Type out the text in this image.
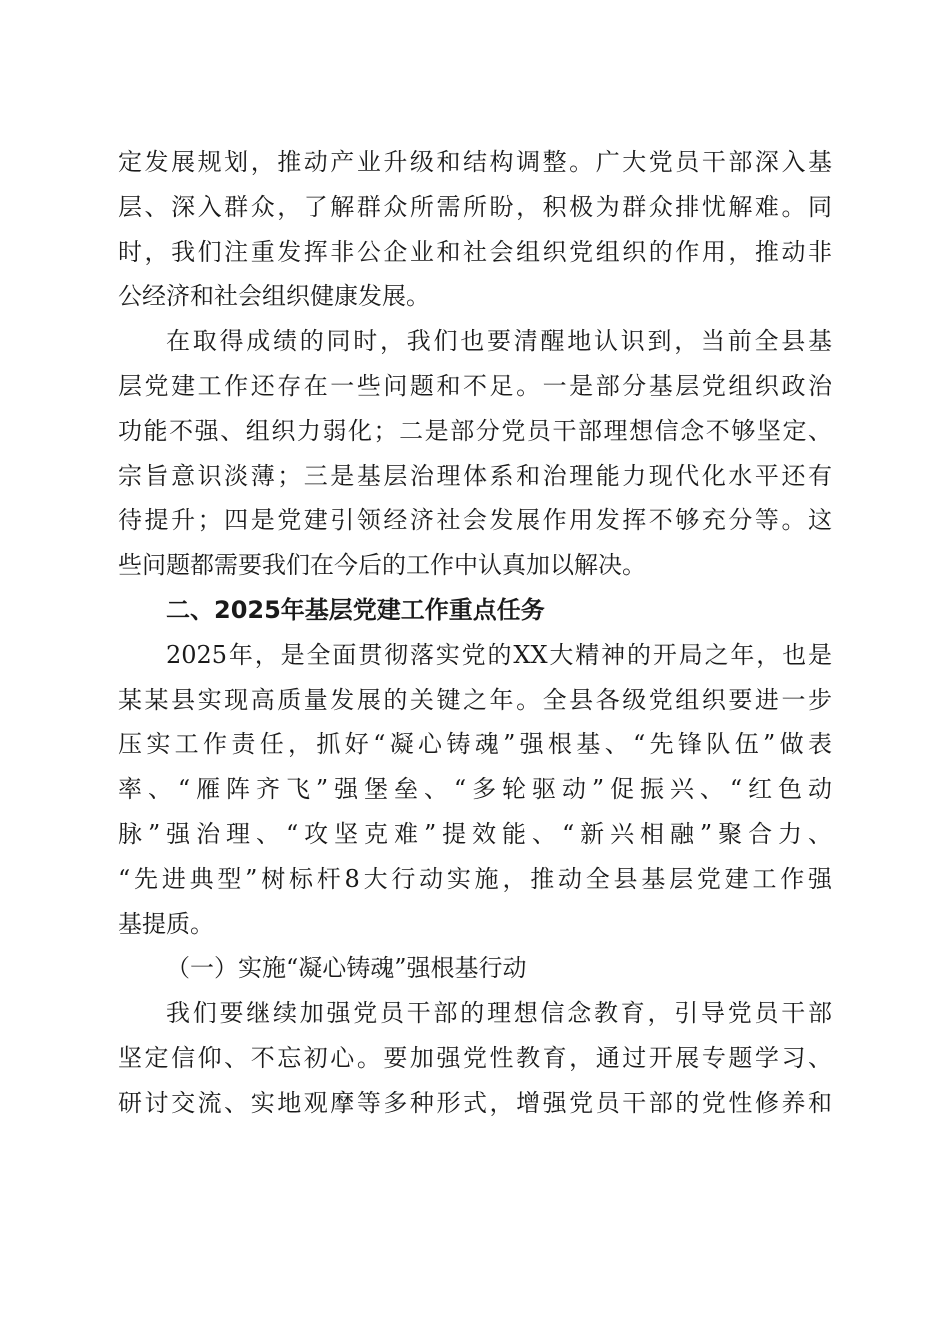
定发展规划，推动产业升级和结构调整。广大党员干部深入基
层、深入群众，了解群众所需所盼，积极为群众排忧解难。同
时，我们注重发挥非公企业和社会组织党组织的作用，推动非
公经济和社会组织健康发展。
在取得成绩的同时，我们也要清醒地认识到，当前全县基
层党建工作还存在一些问题和不足。一是部分基层党组织政治
功能不强、组织力弱化；二是部分党员干部理想信念不够坚定、
宗旨意识淡薄；三是基层治理体系和治理能力现代化水平还有
待提升；四是党建引领经济社会发展作用发挥不够充分等。这
些问题都需要我们在今后的工作中认真加以解决。
二、2025年基层党建工作重点任务
2025年，是全面贯彻落实党的XX大精神的开局之年，也是
某某县实现高质量发展的关键之年。全县各级党组织要进一步
压实工作责任，抓好“凝心铸魂”强根基、“先锋队伍”做表
率、“雁阵齐飞”强堡垒、“多轮驱动”促振兴、“红色动
脉”强治理、“攻坚克难”提效能、“新兴相融”聚合力、
“先进典型”树标杆8大行动实施，推动全县基层党建工作强
基提质。
（一）实施“凝心铸魂”强根基行动
我们要继续加强党员干部的理想信念教育，引导党员干部
坚定信仰、不忘初心。要加强党性教育，通过开展专题学习、
研讨交流、实地观摩等多种形式，增强党员干部的党性修养和
